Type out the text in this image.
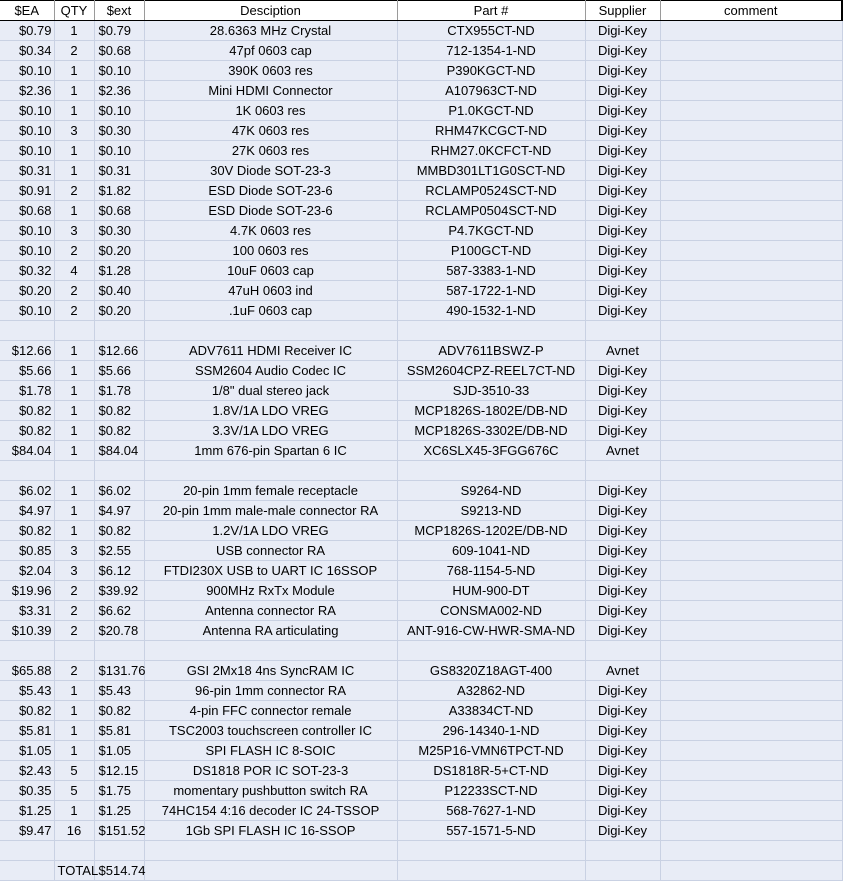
$EA	QTY	$ext	Desciption	Part #	Supplier	comment
$0.79	1	$0.79	28.6363 MHz Crystal	CTX955CT-ND	Digi-Key	
$0.34	2	$0.68	47pf 0603 cap	712-1354-1-ND	Digi-Key	
$0.10	1	$0.10	390K 0603 res	P390KGCT-ND	Digi-Key	
$2.36	1	$2.36	Mini HDMI Connector	A107963CT-ND	Digi-Key	
$0.10	1	$0.10	1K 0603 res	P1.0KGCT-ND	Digi-Key	
$0.10	3	$0.30	47K 0603 res	RHM47KCGCT-ND	Digi-Key	
$0.10	1	$0.10	27K 0603 res	RHM27.0KCFCT-ND	Digi-Key	
$0.31	1	$0.31	30V Diode SOT-23-3	MMBD301LT1G0SCT-ND	Digi-Key	
$0.91	2	$1.82	ESD Diode SOT-23-6	RCLAMP0524SCT-ND	Digi-Key	
$0.68	1	$0.68	ESD Diode SOT-23-6	RCLAMP0504SCT-ND	Digi-Key	
$0.10	3	$0.30	4.7K 0603 res	P4.7KGCT-ND	Digi-Key	
$0.10	2	$0.20	100 0603 res	P100GCT-ND	Digi-Key	
$0.32	4	$1.28	10uF 0603 cap	587-3383-1-ND	Digi-Key	
$0.20	2	$0.40	47uH 0603 ind	587-1722-1-ND	Digi-Key	
$0.10	2	$0.20	.1uF 0603 cap	490-1532-1-ND	Digi-Key	

$12.66	1	$12.66	ADV7611 HDMI Receiver IC	ADV7611BSWZ-P	Avnet	
$5.66	1	$5.66	SSM2604 Audio Codec IC	SSM2604CPZ-REEL7CT-ND	Digi-Key	
$1.78	1	$1.78	1/8" dual stereo jack	SJD-3510-33	Digi-Key	
$0.82	1	$0.82	1.8V/1A LDO VREG	MCP1826S-1802E/DB-ND	Digi-Key	
$0.82	1	$0.82	3.3V/1A LDO VREG	MCP1826S-3302E/DB-ND	Digi-Key	
$84.04	1	$84.04	1mm 676-pin Spartan 6 IC	XC6SLX45-3FGG676C	Avnet	

$6.02	1	$6.02	20-pin 1mm female receptacle	S9264-ND	Digi-Key	
$4.97	1	$4.97	20-pin 1mm male-male connector RA	S9213-ND	Digi-Key	
$0.82	1	$0.82	1.2V/1A LDO VREG	MCP1826S-1202E/DB-ND	Digi-Key	
$0.85	3	$2.55	USB connector RA	609-1041-ND	Digi-Key	
$2.04	3	$6.12	FTDI230X USB to UART IC 16SSOP	768-1154-5-ND	Digi-Key	
$19.96	2	$39.92	900MHz RxTx Module	HUM-900-DT	Digi-Key	
$3.31	2	$6.62	Antenna connector RA	CONSMA002-ND	Digi-Key	
$10.39	2	$20.78	Antenna RA articulating	ANT-916-CW-HWR-SMA-ND	Digi-Key	

$65.88	2	$131.76	GSI 2Mx18 4ns SyncRAM IC	GS8320Z18AGT-400	Avnet	
$5.43	1	$5.43	96-pin 1mm connector RA	A32862-ND	Digi-Key	
$0.82	1	$0.82	4-pin FFC connector remale	A33834CT-ND	Digi-Key	
$5.81	1	$5.81	TSC2003 touchscreen controller IC	296-14340-1-ND	Digi-Key	
$1.05	1	$1.05	SPI FLASH IC 8-SOIC	M25P16-VMN6TPCT-ND	Digi-Key	
$2.43	5	$12.15	DS1818 POR IC SOT-23-3	DS1818R-5+CT-ND	Digi-Key	
$0.35	5	$1.75	momentary pushbutton switch RA	P12233SCT-ND	Digi-Key	
$1.25	1	$1.25	74HC154 4:16 decoder IC 24-TSSOP	568-7627-1-ND	Digi-Key	
$9.47	16	$151.52	1Gb SPI FLASH IC 16-SSOP	557-1571-5-ND	Digi-Key	

	TOTAL	$514.74				
